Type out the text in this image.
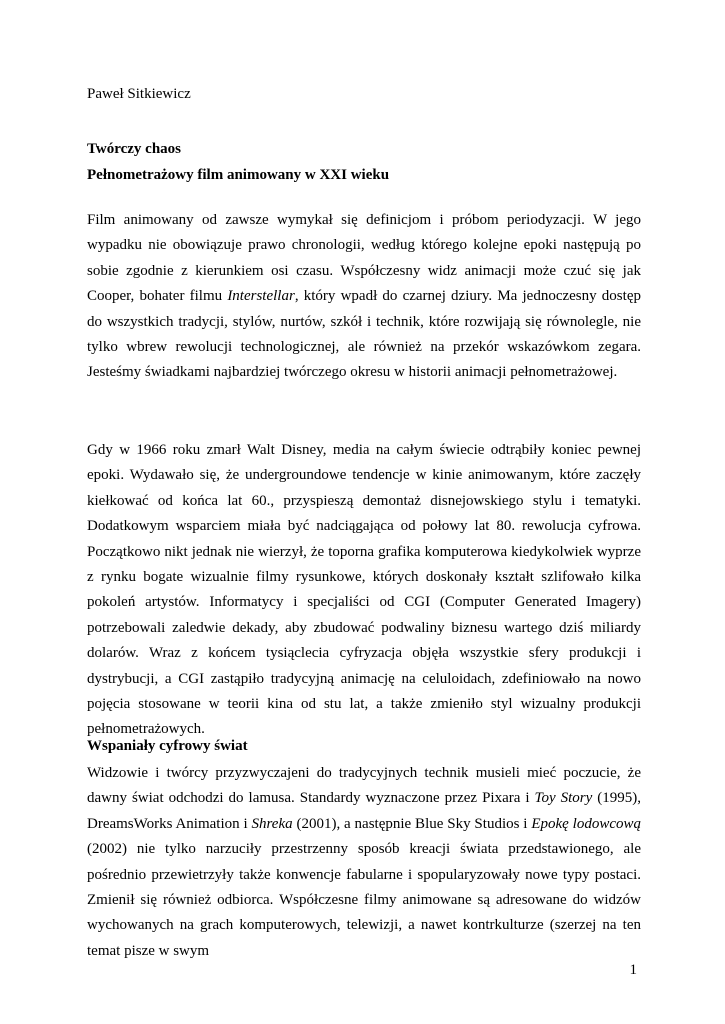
Paweł Sitkiewicz

Twórczy chaos

Pełnometrażowy film animowany w XXI wieku

Film animowany od zawsze wymykał się definicjom i próbom periodyzacji. W jego wypadku nie obowiązuje prawo chronologii, według którego kolejne epoki następują po sobie zgodnie z kierunkiem osi czasu. Współczesny widz animacji może czuć się jak Cooper, bohater filmu Interstellar, który wpadł do czarnej dziury. Ma jednoczesny dostęp do wszystkich tradycji, stylów, nurtów, szkół i technik, które rozwijają się równolegle, nie tylko wbrew rewolucji technologicznej, ale również na przekór wskazówkom zegara. Jesteśmy świadkami najbardziej twórczego okresu w historii animacji pełnometrażowej.

Gdy w 1966 roku zmarł Walt Disney, media na całym świecie odtrąbiły koniec pewnej epoki. Wydawało się, że undergroundowe tendencje w kinie animowanym, które zaczęły kiełkować od końca lat 60., przyspieszą demontaż disnejowskiego stylu i tematyki. Dodatkowym wsparciem miała być nadciągająca od połowy lat 80. rewolucja cyfrowa. Początkowo nikt jednak nie wierzył, że toporna grafika komputerowa kiedykolwiek wyprze z rynku bogate wizualnie filmy rysunkowe, których doskonały kształt szlifowało kilka pokoleń artystów. Informatycy i specjaliści od CGI (Computer Generated Imagery) potrzebowali zaledwie dekady, aby zbudować podwaliny biznesu wartego dziś miliardy dolarów. Wraz z końcem tysiąclecia cyfryzacja objęła wszystkie sfery produkcji i dystrybucji, a CGI zastąpiło tradycyjną animację na celuloidach, zdefiniowało na nowo pojęcia stosowane w teorii kina od stu lat, a także zmieniło styl wizualny produkcji pełnometrażowych.

Wspaniały cyfrowy świat

Widzowie i twórcy przyzwyczajeni do tradycyjnych technik musieli mieć poczucie, że dawny świat odchodzi do lamusa. Standardy wyznaczone przez Pixara i Toy Story (1995), DreamsWorks Animation i Shreka (2001), a następnie Blue Sky Studios i Epokę lodowcową (2002) nie tylko narzuciły przestrzenny sposób kreacji świata przedstawionego, ale pośrednio przewietrzyły także konwencje fabularne i spopularyzowały nowe typy postaci. Zmienił się również odbiorca. Współczesne filmy animowane są adresowane do widzów wychowanych na grach komputerowych, telewizji, a nawet kontrkulturze (szerzej na ten temat pisze w swym

1
